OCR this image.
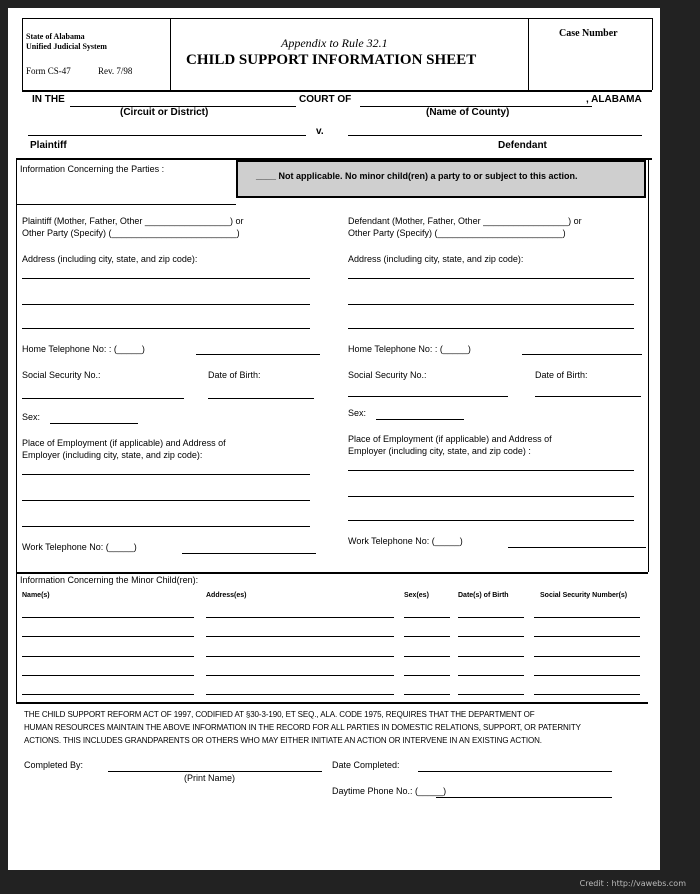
State of Alabama
Unified Judicial System
Form CS-47	Rev. 7/98
Appendix to Rule 32.1
CHILD SUPPORT INFORMATION SHEET
Case Number
IN THE	COURT OF	, ALABAMA
(Circuit or District)	(Name of County)
v.
Plaintiff	Defendant
Information Concerning the Parties :
____ Not applicable. No minor child(ren) a party to or subject to this action.
Plaintiff (Mother, Father, Other _________________) or
Other Party (Specify) (_________________________)
Address (including city, state, and zip code):
Home Telephone No: : (_____)
Social Security No.:	Date of Birth:
Sex:
Place of Employment (if applicable) and Address of
Employer (including city, state, and zip code):
Work Telephone No: (_____)
Defendant (Mother, Father, Other _________________) or
Other Party (Specify) (_________________________)
Address (including city, state, and zip code):
Home Telephone No: : (_____)
Social Security No.:	Date of Birth:
Sex:
Place of Employment (if applicable) and Address of
Employer (including city, state, and zip code) :
Work Telephone No: (_____)
Information Concerning the Minor Child(ren):
Name(s)	Address(es)	Sex(es)	Date(s) of Birth	Social Security Number(s)
THE CHILD SUPPORT REFORM ACT OF 1997, CODIFIED AT §30-3-190, ET SEQ., ALA. CODE 1975, REQUIRES THAT THE DEPARTMENT OF
HUMAN RESOURCES MAINTAIN THE ABOVE INFORMATION IN THE RECORD FOR ALL PARTIES IN DOMESTIC RELATIONS, SUPPORT, OR PATERNITY
ACTIONS. THIS INCLUDES GRANDPARENTS OR OTHERS WHO MAY EITHER INITIATE AN ACTION OR INTERVENE IN AN EXISTING ACTION.
Completed By:
(Print Name)
Date Completed:
Daytime Phone No.: (_____)
Credit : http://vawebs.com
